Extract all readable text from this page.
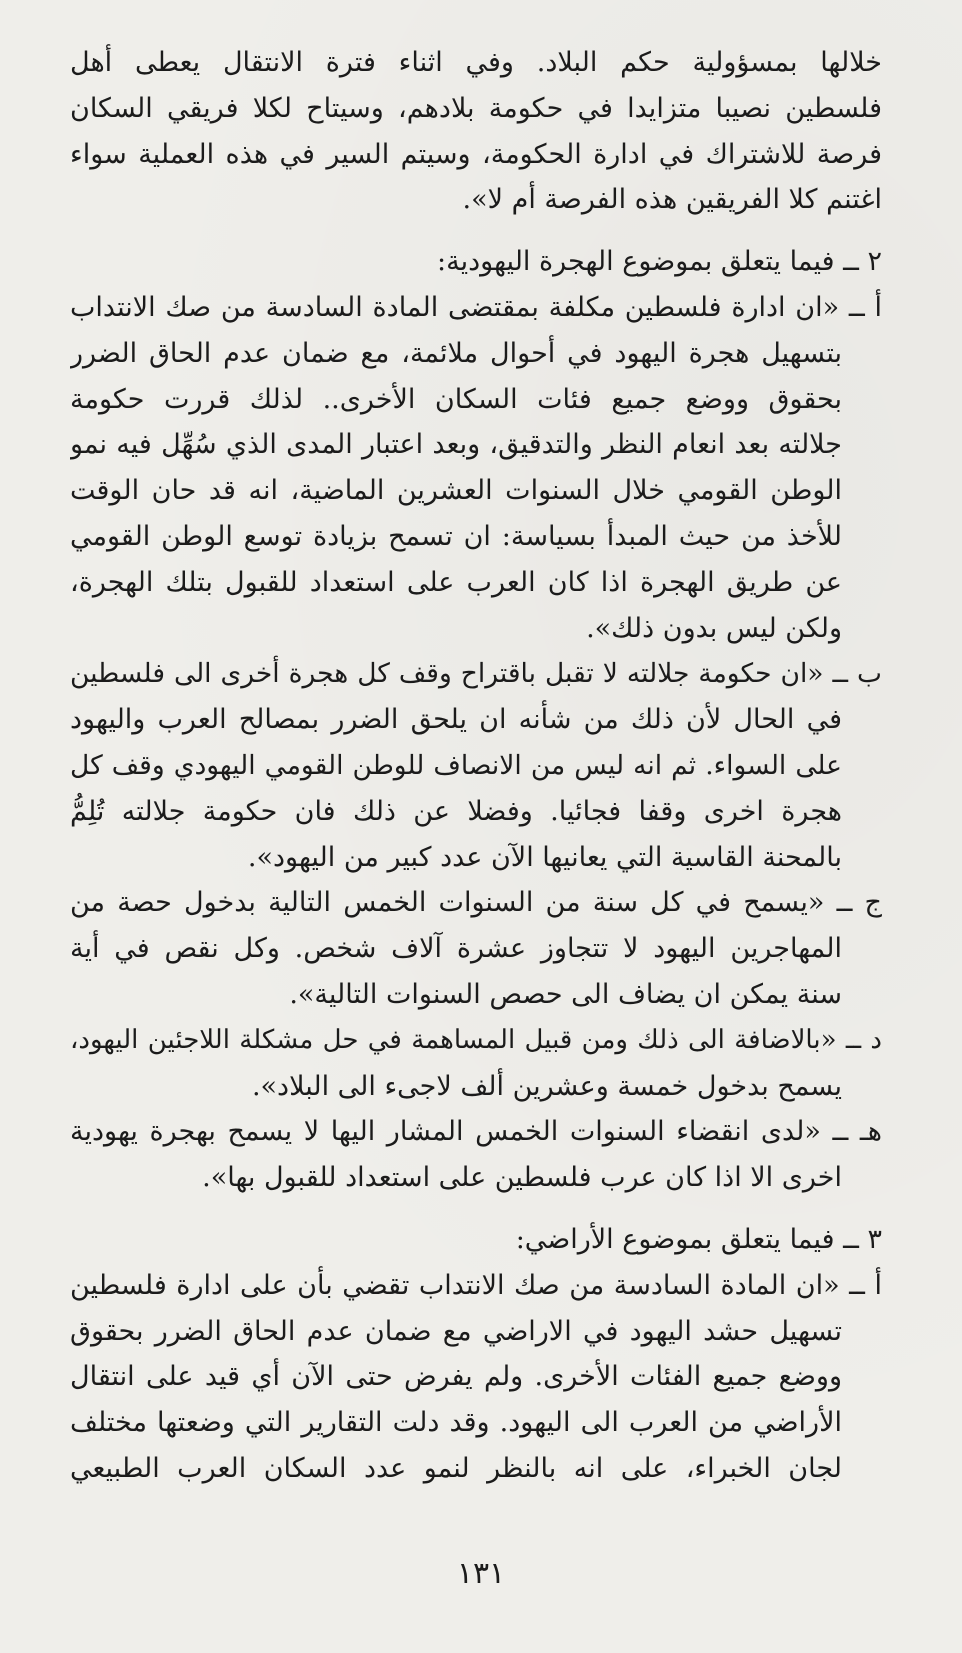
خلالها بمسؤولية حكم البلاد. وفي اثناء فترة الانتقال يعطى أهل
فلسطين نصيبا متزايدا في حكومة بلادهم، وسيتاح لكلا فريقي السكان
فرصة للاشتراك في ادارة الحكومة، وسيتم السير في هذه العملية سواء
اغتنم كلا الفريقين هذه الفرصة أم لا».
٢ ــ فيما يتعلق بموضوع الهجرة اليهودية:
أ ــ «ان ادارة فلسطين مكلفة بمقتضى المادة السادسة من صك الانتداب
بتسهيل هجرة اليهود في أحوال ملائمة، مع ضمان عدم الحاق الضرر
بحقوق ووضع جميع فئات السكان الأخرى.. لذلك قررت حكومة
جلالته بعد انعام النظر والتدقيق، وبعد اعتبار المدى الذي سُهِّل فيه نمو
الوطن القومي خلال السنوات العشرين الماضية، انه قد حان الوقت
للأخذ من حيث المبدأ بسياسة: ان تسمح بزيادة توسع الوطن القومي
عن طريق الهجرة اذا كان العرب على استعداد للقبول بتلك الهجرة،
ولكن ليس بدون ذلك».
ب ــ «ان حكومة جلالته لا تقبل باقتراح وقف كل هجرة أخرى الى فلسطين
في الحال لأن ذلك من شأنه ان يلحق الضرر بمصالح العرب واليهود
على السواء. ثم انه ليس من الانصاف للوطن القومي اليهودي وقف كل
هجرة اخرى وقفا فجائيا. وفضلا عن ذلك فان حكومة جلالته تُلِمُّ
بالمحنة القاسية التي يعانيها الآن عدد كبير من اليهود».
ج ــ «يسمح في كل سنة من السنوات الخمس التالية بدخول حصة من
المهاجرين اليهود لا تتجاوز عشرة آلاف شخص. وكل نقص في أية
سنة يمكن ان يضاف الى حصص السنوات التالية».
د ــ «بالاضافة الى ذلك ومن قبيل المساهمة في حل مشكلة اللاجئين اليهود،
يسمح بدخول خمسة وعشرين ألف لاجىء الى البلاد».
هـ ــ «لدى انقضاء السنوات الخمس المشار اليها لا يسمح بهجرة يهودية
اخرى الا اذا كان عرب فلسطين على استعداد للقبول بها».
٣ ــ فيما يتعلق بموضوع الأراضي:
أ ــ «ان المادة السادسة من صك الانتداب تقضي بأن على ادارة فلسطين
تسهيل حشد اليهود في الاراضي مع ضمان عدم الحاق الضرر بحقوق
ووضع جميع الفئات الأخرى. ولم يفرض حتى الآن أي قيد على انتقال
الأراضي من العرب الى اليهود. وقد دلت التقارير التي وضعتها مختلف
لجان الخبراء، على انه بالنظر لنمو عدد السكان العرب الطبيعي
١٣١
